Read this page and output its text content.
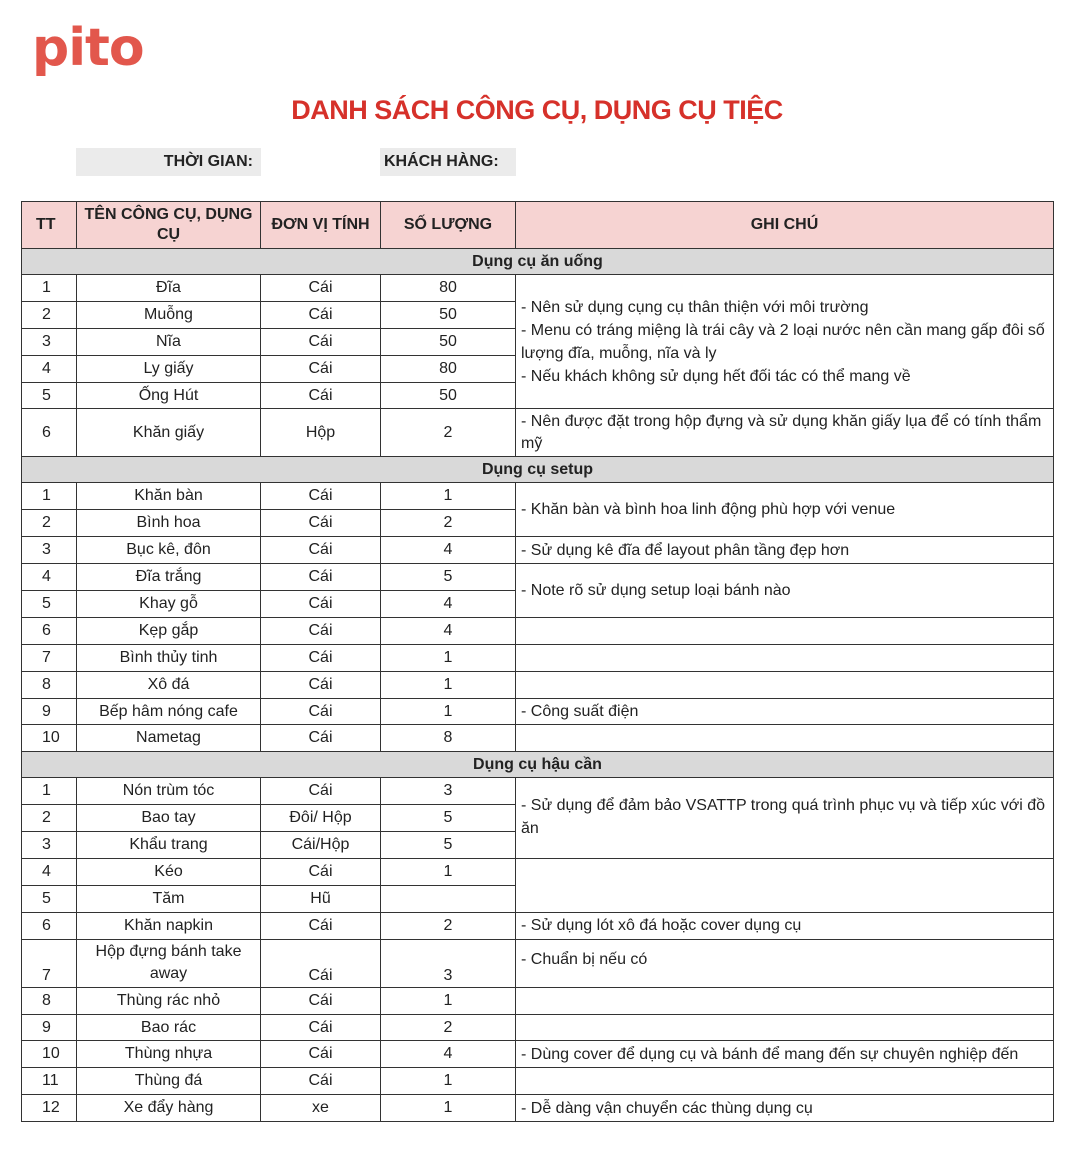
pito
DANH SÁCH CÔNG CỤ, DỤNG CỤ TIỆC
THỜI GIAN:	KHÁCH HÀNG:
TT	TÊN CÔNG CỤ, DỤNG CỤ	ĐƠN VỊ TÍNH	SỐ LƯỢNG	GHI CHÚ
Dụng cụ ăn uống				
1	Đĩa	Cái	80	- Nên sử dụng cụng cụ thân thiện với môi trường
- Menu có tráng miệng là trái cây và 2 loại nước nên cần mang gấp đôi số lượng đĩa, muỗng, nĩa và ly
- Nếu khách không sử dụng hết đối tác có thể mang về

2	Muỗng	Cái	50	
3	Nĩa	Cái	50	
4	Ly giấy	Cái	80	
5	Ống Hút	Cái	50	
6	Khăn giấy	Hộp	2	- Nên được đặt trong hộp đựng và sử dụng khăn giấy lụa để có tính thẩm mỹ
Dụng cụ setup				
1	Khăn bàn	Cái	1	- Khăn bàn và bình hoa linh động phù hợp với venue
2	Bình hoa	Cái	2	
3	Bục kê, đôn	Cái	4	- Sử dụng kê đĩa để layout phân tầng đẹp hơn
4	Đĩa trắng	Cái	5	- Note rõ sử dụng setup loại bánh nào
5	Khay gỗ	Cái	4	
6	Kẹp gắp	Cái	4	
7	Bình thủy tinh	Cái	1	
8	Xô đá	Cái	1	
9	Bếp hâm nóng cafe	Cái	1	- Công suất điện
10	Nametag	Cái	8	
Dụng cụ hậu cần				
1	Nón trùm tóc	Cái	3	- Sử dụng để đảm bảo VSATTP trong quá trình phục vụ và tiếp xúc với đồ ăn
2	Bao tay	Đôi/ Hộp	5	
3	Khẩu trang	Cái/Hộp	5	
4	Kéo	Cái	1	
5	Tăm	Hũ		
6	Khăn napkin	Cái	2	- Sử dụng lót xô đá hoặc cover dụng cụ
7	Hộp đựng bánh take away	Cái	3	- Chuẩn bị nếu có
8	Thùng rác nhỏ	Cái	1	
9	Bao rác	Cái	2	
10	Thùng nhựa	Cái	4	- Dùng cover để dụng cụ và bánh để mang đến sự chuyên nghiệp đến
11	Thùng đá	Cái	1	
12	Xe đẩy hàng	xe	1	- Dễ dàng vận chuyển các thùng dụng cụ
